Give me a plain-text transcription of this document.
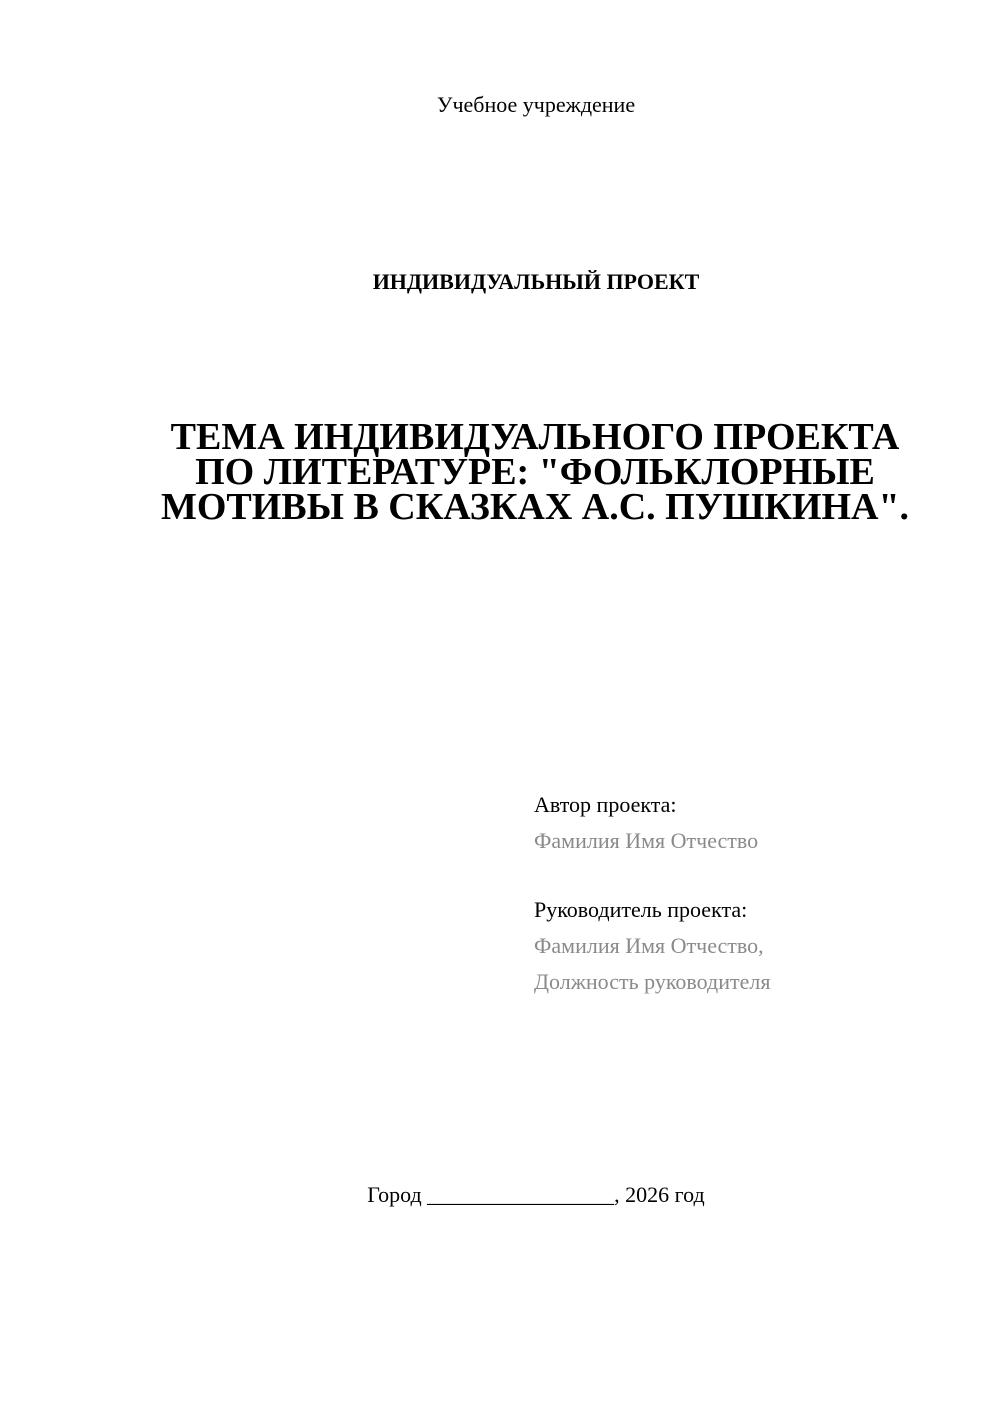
Учебное учреждение
ИНДИВИДУАЛЬНЫЙ ПРОЕКТ
ТЕМА ИНДИВИДУАЛЬНОГО ПРОЕКТА
ПО ЛИТЕРАТУРЕ: "ФОЛЬКЛОРНЫЕ
МОТИВЫ В СКАЗКАХ А.С. ПУШКИНА".
Автор проекта:
Фамилия Имя Отчество
Руководитель проекта:
Фамилия Имя Отчество,
Должность руководителя
Город _________________, 2026 год
